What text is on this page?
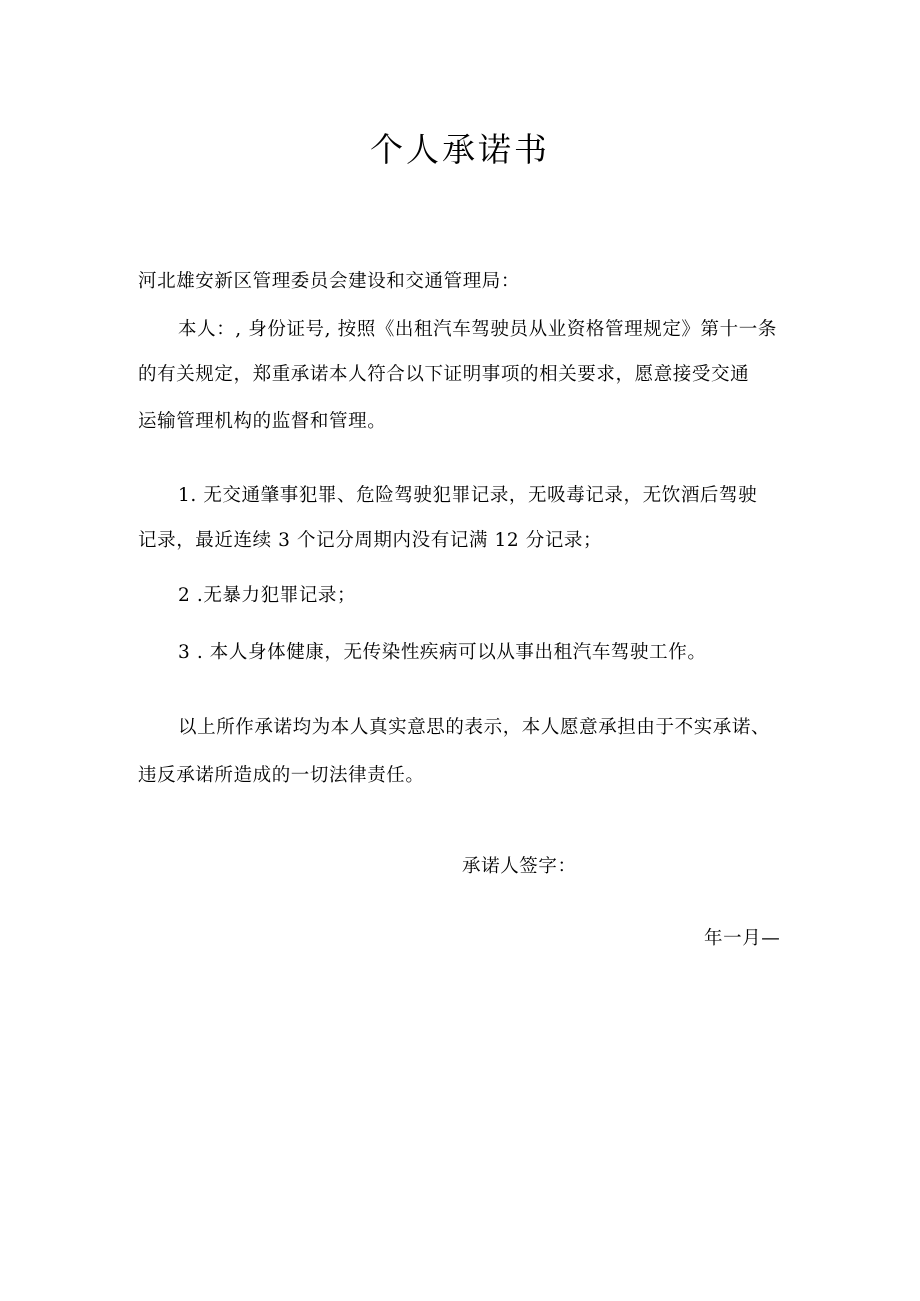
个人承诺书
河北雄安新区管理委员会建设和交通管理局：
本人：, 身份证号, 按照《出租汽车驾驶员从业资格管理规定》第十一条
的有关规定，郑重承诺本人符合以下证明事项的相关要求，愿意接受交通
运输管理机构的监督和管理。
1. 无交通肇事犯罪、危险驾驶犯罪记录，无吸毒记录，无饮酒后驾驶
记录，最近连续 3 个记分周期内没有记满 12 分记录；
2 .无暴力犯罪记录；
3 . 本人身体健康，无传染性疾病可以从事出租汽车驾驶工作。
以上所作承诺均为本人真实意思的表示，本人愿意承担由于不实承诺、
违反承诺所造成的一切法律责任。
承诺人签字：
年一月—
